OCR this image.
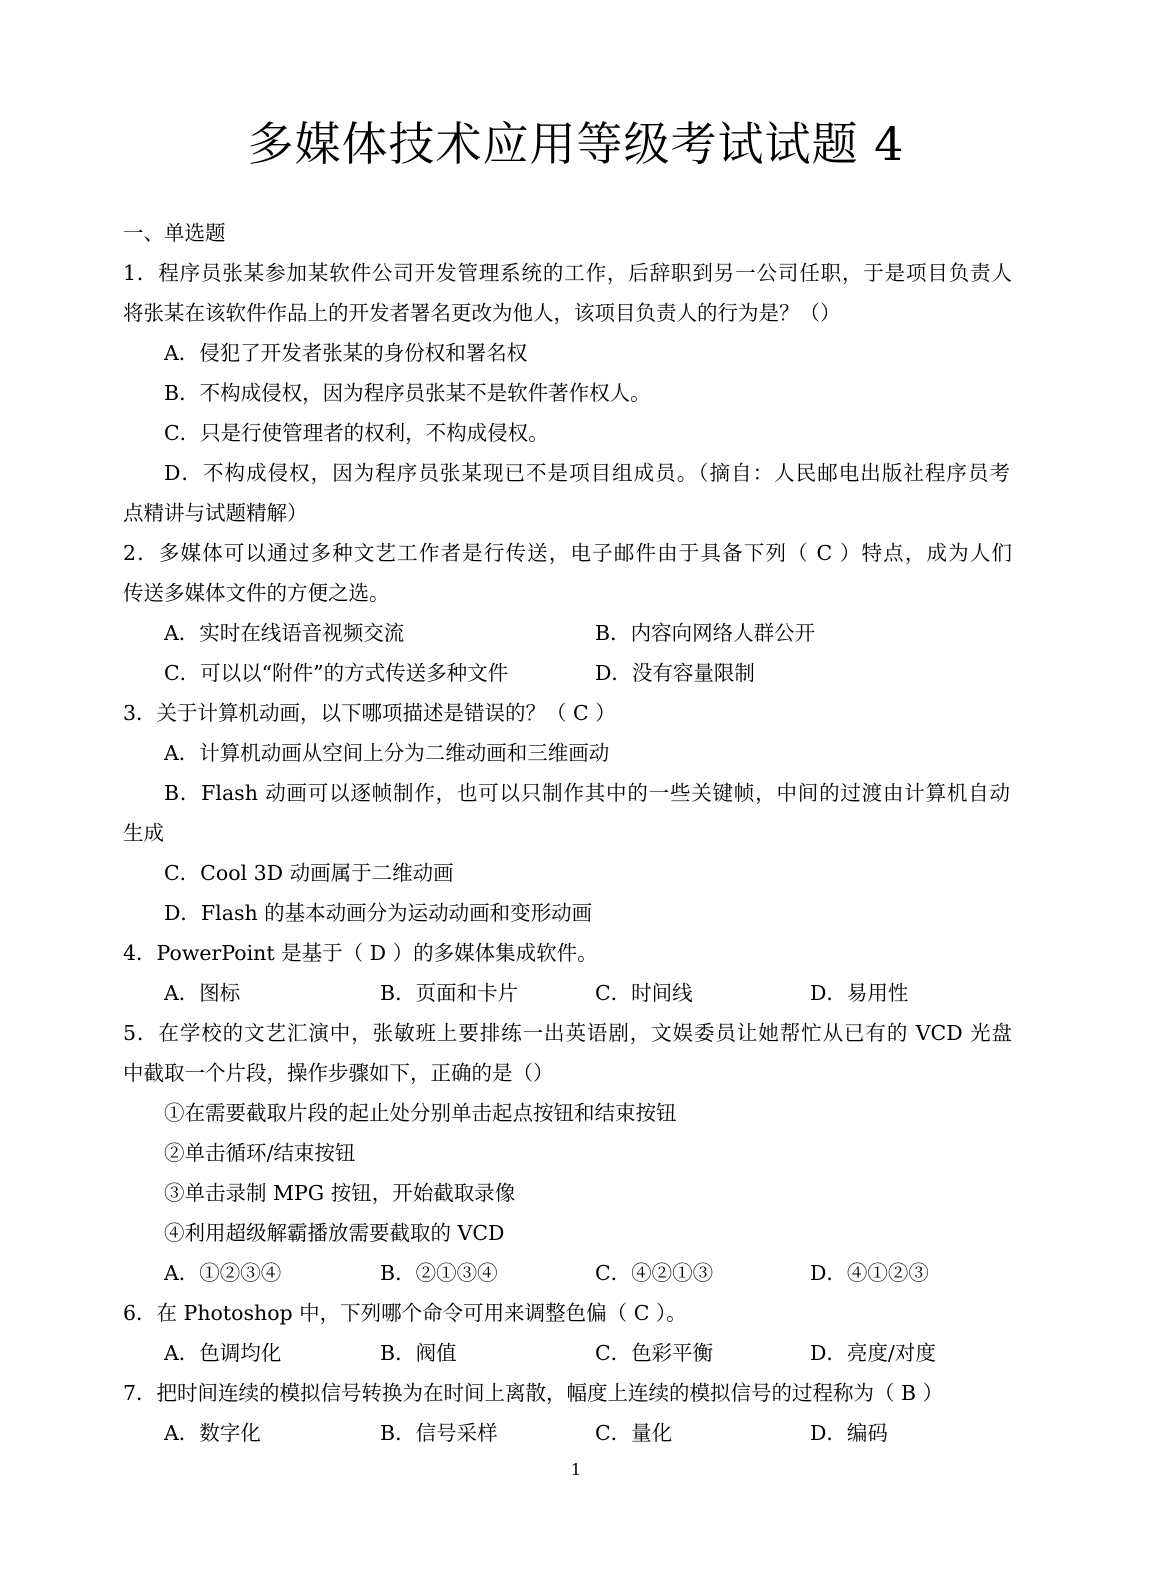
多媒体技术应用等级考试试题 4
一、单选题
1．程序员张某参加某软件公司开发管理系统的工作，后辞职到另一公司任职，于是项目负责人
将张某在该软件作品上的开发者署名更改为他人，该项目负责人的行为是？（）
A．侵犯了开发者张某的身份权和署名权
B．不构成侵权，因为程序员张某不是软件著作权人。
C．只是行使管理者的权利，不构成侵权。
D．不构成侵权，因为程序员张某现已不是项目组成员。（摘自：人民邮电出版社程序员考
点精讲与试题精解）
2．多媒体可以通过多种文艺工作者是行传送，电子邮件由于具备下列（ C ）特点，成为人们
传送多媒体文件的方便之选。
A．实时在线语音视频交流	B．内容向网络人群公开
C．可以以“附件”的方式传送多种文件	D．没有容量限制
3．关于计算机动画，以下哪项描述是错误的？（ C ）
A．计算机动画从空间上分为二维动画和三维画动
B．Flash 动画可以逐帧制作，也可以只制作其中的一些关键帧，中间的过渡由计算机自动
生成
C．Cool 3D 动画属于二维动画
D．Flash 的基本动画分为运动动画和变形动画
4．PowerPoint 是基于（ D ）的多媒体集成软件。
A．图标	B．页面和卡片	C．时间线	D．易用性
5．在学校的文艺汇演中，张敏班上要排练一出英语剧，文娱委员让她帮忙从已有的 VCD 光盘
中截取一个片段，操作步骤如下，正确的是（）
①在需要截取片段的起止处分别单击起点按钮和结束按钮
②单击循环/结束按钮
③单击录制 MPG 按钮，开始截取录像
④利用超级解霸播放需要截取的 VCD
A．①②③④	B．②①③④	C．④②①③	D．④①②③
6．在 Photoshop 中，下列哪个命令可用来调整色偏（ C ）。
A．色调均化	B．阀值	C．色彩平衡	D．亮度/对度
7．把时间连续的模拟信号转换为在时间上离散，幅度上连续的模拟信号的过程称为（ B ）
A．数字化	B．信号采样	C．量化	D．编码
1
